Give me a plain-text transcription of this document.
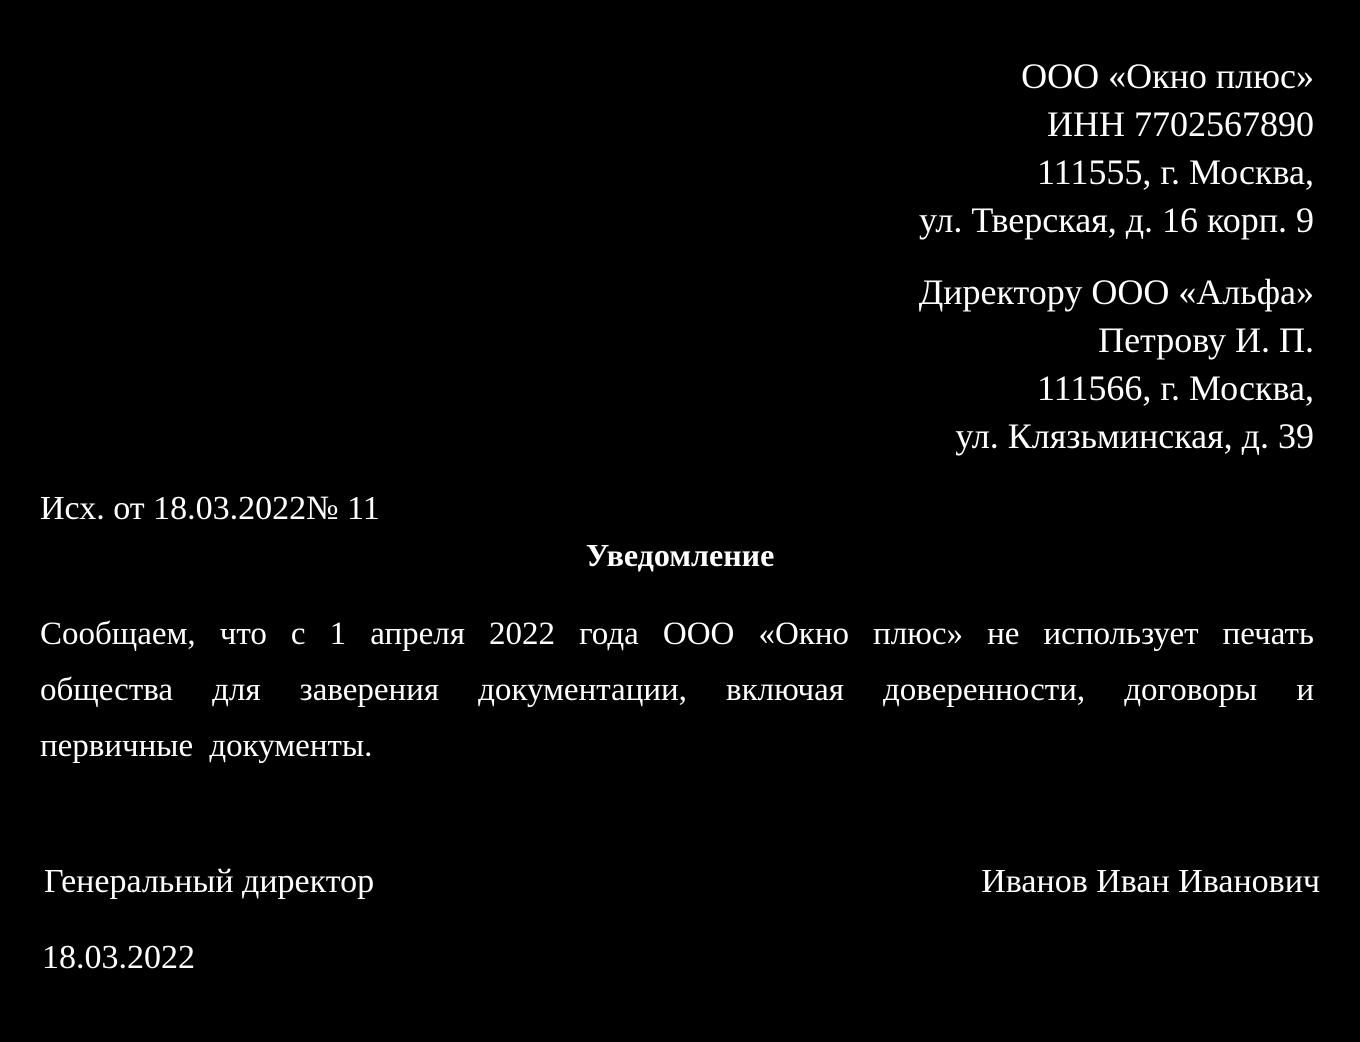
ООО «Окно плюс»
ИНН 7702567890
111555, г. Москва,
ул. Тверская, д. 16 корп. 9
Директору ООО «Альфа»
Петрову И. П.
111566, г. Москва,
ул. Клязьминская, д. 39
Исх. от 18.03.2022№ 11
Уведомление
Сообщаем, что с 1 апреля 2022 года ООО «Окно плюс» не использует печать общества для заверения документации, включая доверенности, договоры и первичные документы.
Генеральный директор	Иванов Иван Иванович
18.03.2022
